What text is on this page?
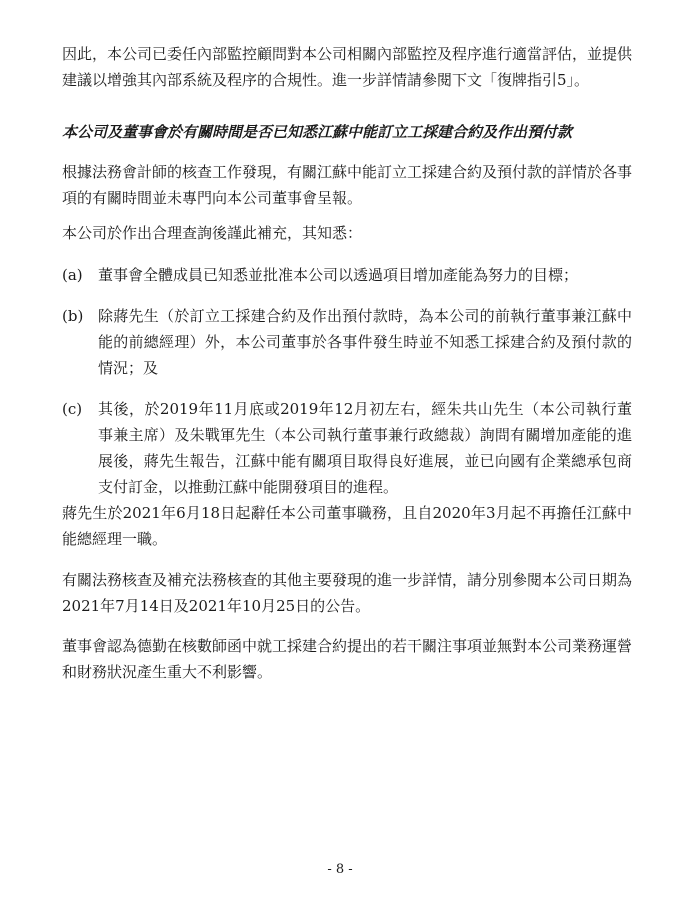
因此，本公司已委任內部監控顧問對本公司相關內部監控及程序進行適當評估，並提供建議以增強其內部系統及程序的合規性。進一步詳情請參閱下文「復牌指引5」。

本公司及董事會於有關時間是否已知悉江蘇中能訂立工採建合約及作出預付款

根據法務會計師的核查工作發現，有關江蘇中能訂立工採建合約及預付款的詳情於各事項的有關時間並未專門向本公司董事會呈報。

本公司於作出合理查詢後謹此補充，其知悉：

(a)	董事會全體成員已知悉並批准本公司以透過項目增加產能為努力的目標；
(b) 除蔣先生（於訂立工採建合約及作出預付款時，為本公司的前執行董事兼江蘇中能的前總經理）外，本公司董事於各事件發生時並不知悉工採建合約及預付款的情況；及
(c)	其後，於2019年11月底或2019年12月初左右，經朱共山先生（本公司執行董事兼主席）及朱戰軍先生（本公司執行董事兼行政總裁）詢問有關增加產能的進展後，蔣先生報告，江蘇中能有關項目取得良好進展，並已向國有企業總承包商支付訂金，以推動江蘇中能開發項目的進程。

蔣先生於2021年6月18日起辭任本公司董事職務，且自2020年3月起不再擔任江蘇中能總經理一職。

有關法務核查及補充法務核查的其他主要發現的進一步詳情，請分別參閱本公司日期為2021年7月14日及2021年10月25日的公告。

董事會認為德勤在核數師函中就工採建合約提出的若干關注事項並無對本公司業務運營和財務狀況產生重大不利影響。

- 8 -
